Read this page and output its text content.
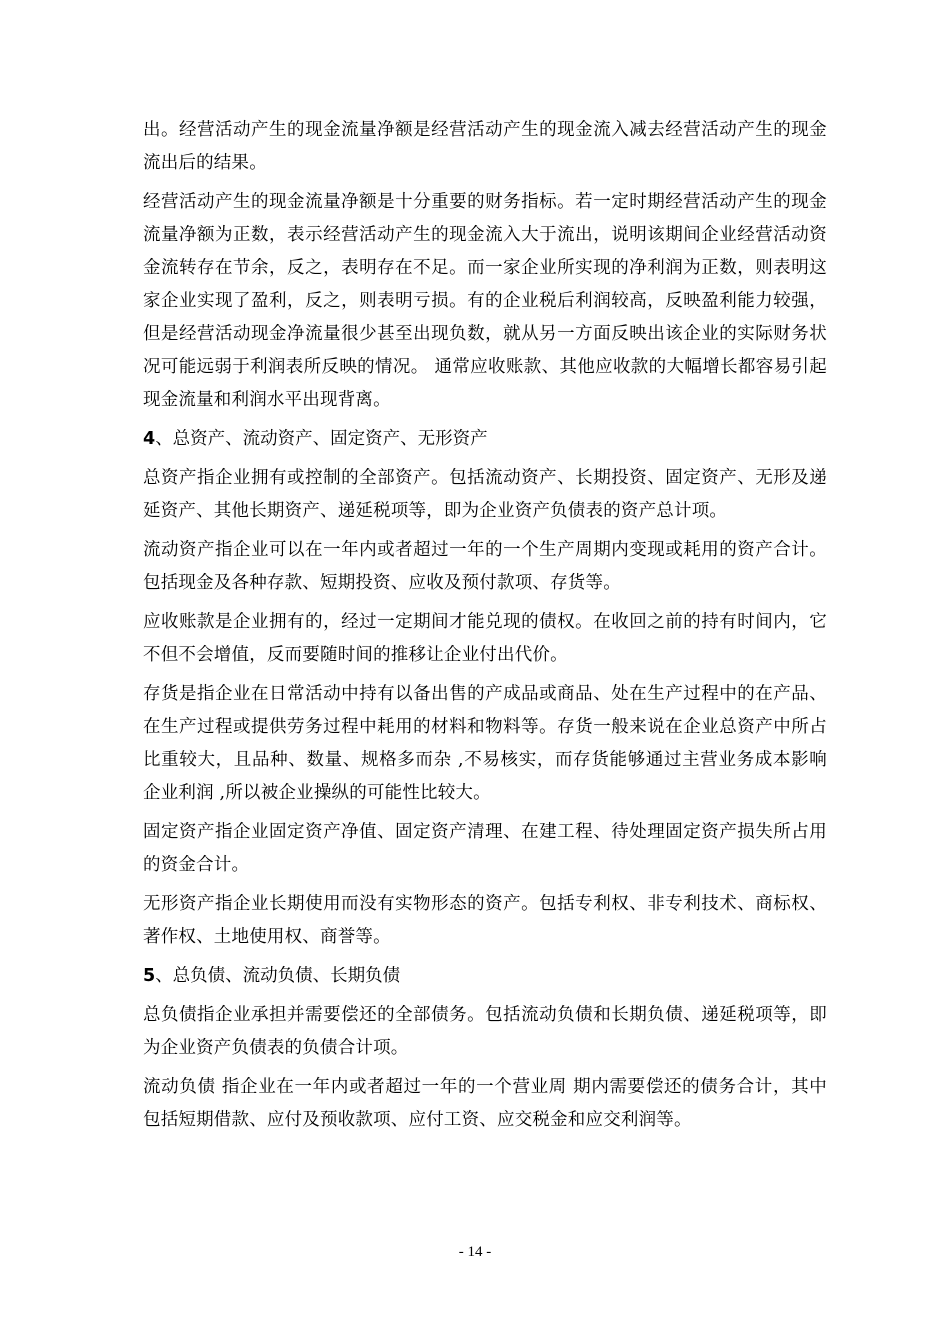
出。经营活动产生的现金流量净额是经营活动产生的现金流入减去经营活动产生的现金流出后的结果。

经营活动产生的现金流量净额是十分重要的财务指标。若一定时期经营活动产生的现金流量净额为正数，表示经营活动产生的现金流入大于流出，说明该期间企业经营活动资金流转存在节余，反之，表明存在不足。而一家企业所实现的净利润为正数，则表明这家企业实现了盈利，反之，则表明亏损。有的企业税后利润较高，反映盈利能力较强，但是经营活动现金净流量很少甚至出现负数，就从另一方面反映出该企业的实际财务状况可能远弱于利润表所反映的情况。 通常应收账款、其他应收款的大幅增长都容易引起现金流量和利润水平出现背离。

4、总资产、流动资产、固定资产、无形资产

总资产指企业拥有或控制的全部资产。包括流动资产、长期投资、固定资产、无形及递延资产、其他长期资产、递延税项等，即为企业资产负债表的资产总计项。

流动资产指企业可以在一年内或者超过一年的一个生产周期内变现或耗用的资产合计。包括现金及各种存款、短期投资、应收及预付款项、存货等。

应收账款是企业拥有的，经过一定期间才能兑现的债权。在收回之前的持有时间内，它不但不会增值，反而要随时间的推移让企业付出代价。

存货是指企业在日常活动中持有以备出售的产成品或商品、处在生产过程中的在产品、在生产过程或提供劳务过程中耗用的材料和物料等。存货一般来说在企业总资产中所占比重较大，且品种、数量、规格多而杂 ,不易核实，而存货能够通过主营业务成本影响企业利润 ,所以被企业操纵的可能性比较大。

固定资产指企业固定资产净值、固定资产清理、在建工程、待处理固定资产损失所占用的资金合计。

无形资产指企业长期使用而没有实物形态的资产。包括专利权、非专利技术、商标权、著作权、土地使用权、商誉等。

5、总负债、流动负债、长期负债

总负债指企业承担并需要偿还的全部债务。包括流动负债和长期负债、递延税项等，即为企业资产负债表的负债合计项。

流动负债 指企业在一年内或者超过一年的一个营业周 期内需要偿还的债务合计，其中包括短期借款、应付及预收款项、应付工资、应交税金和应交利润等。

- 14 -
